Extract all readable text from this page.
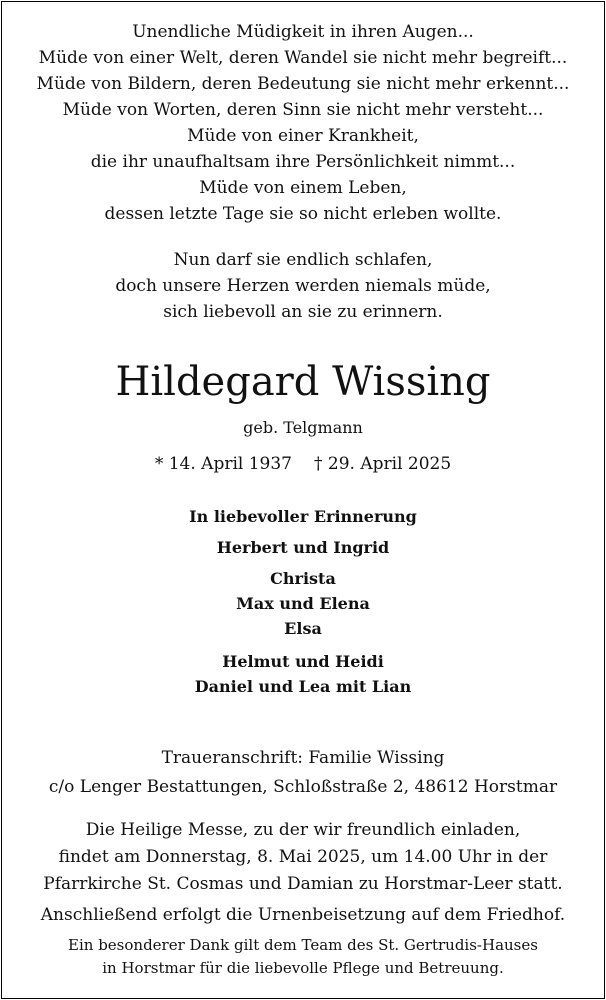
Unendliche Müdigkeit in ihren Augen...
Müde von einer Welt, deren Wandel sie nicht mehr begreift...
Müde von Bildern, deren Bedeutung sie nicht mehr erkennt...
Müde von Worten, deren Sinn sie nicht mehr versteht...
Müde von einer Krankheit,
die ihr unaufhaltsam ihre Persönlichkeit nimmt...
Müde von einem Leben,
dessen letzte Tage sie so nicht erleben wollte.
Nun darf sie endlich schlafen,
doch unsere Herzen werden niemals müde,
sich liebevoll an sie zu erinnern.
Hildegard Wissing
geb. Telgmann
* 14. April 1937 † 29. April 2025
In liebevoller Erinnerung
Herbert und Ingrid
Christa
Max und Elena
Elsa
Helmut und Heidi
Daniel und Lea mit Lian
Traueranschrift: Familie Wissing
c/o Lenger Bestattungen, Schloßstraße 2, 48612 Horstmar
Die Heilige Messe, zu der wir freundlich einladen,
findet am Donnerstag, 8. Mai 2025, um 14.00 Uhr in der
Pfarrkirche St. Cosmas und Damian zu Horstmar-Leer statt.
Anschließend erfolgt die Urnenbeisetzung auf dem Friedhof.
Ein besonderer Dank gilt dem Team des St. Gertrudis-Hauses
in Horstmar für die liebevolle Pflege und Betreuung.
